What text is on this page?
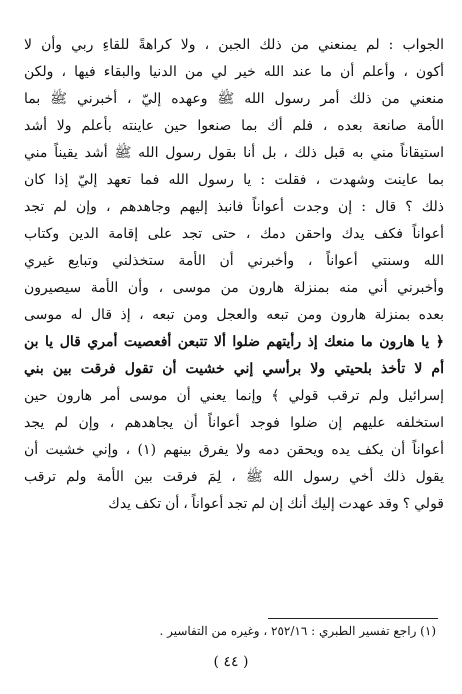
الجواب : لم يمنعني من ذلك الجبن ، ولا كراهةً للقاءِ ربي وأن لا
أكون ، وأعلم أن ما عند الله خير لي من الدنيا والبقاء فيها ، ولكن
منعني من ذلك أمر رسول الله ﷺ وعهده إليّ ، أخبرني ﷺ بما
الأمة صانعة بعده ، فلم أك بما صنعوا حين عاينته بأعلم ولا أشد
استيقاناً مني به قبل ذلك ، بل أنا بقول رسول الله ﷺ أشد يقيناً مني
بما عاينت وشهدت ، فقلت : يا رسول الله فما تعهد إليّ إذا كان
ذلك ؟ قال : إن وجدت أعواناً فانبذ إليهم وجاهدهم ، وإن لم تجد
أعواناً فكف يدك واحقن دمك ، حتى تجد على إقامة الدين وكتاب
الله وسنتي أعواناً ، وأخبرني أن الأمة ستخذلني وتبايع غيري
وأخبرني أني منه بمنزلة هارون من موسى ، وأن الأمة سيصيرون
بعده بمنزلة هارون ومن تبعه والعجل ومن تبعه ، إذ قال له موسى
﴿ يا هارون ما منعك إذ رأيتهم ضلوا ألا تتبعن أفعصيت أمري قال يا بن
أم لا تأخذ بلحيتي ولا برأسي إني خشيت أن تقول فرقت بين بني
إسرائيل ولم ترقب قولي ﴾ وإنما يعني أن موسى أمر هارون حين
استخلفه عليهم إن ضلوا فوجد أعواناً أن يجاهدهم ، وإن لم يجد
أعواناً أن يكف يده ويحقن دمه ولا يفرق بينهم (١) ، وإني خشيت أن
يقول ذلك أخي رسول الله ﷺ ، لِمَ فرقت بين الأمة ولم ترقب
قولي ؟ وقد عهدت إليك أنك إن لم تجد أعواناً ، أن تكف يدك

(١) راجع تفسير الطبري : ٢٥٢/١٦ ، وغيره من التفاسير .

( ٤٤ )
